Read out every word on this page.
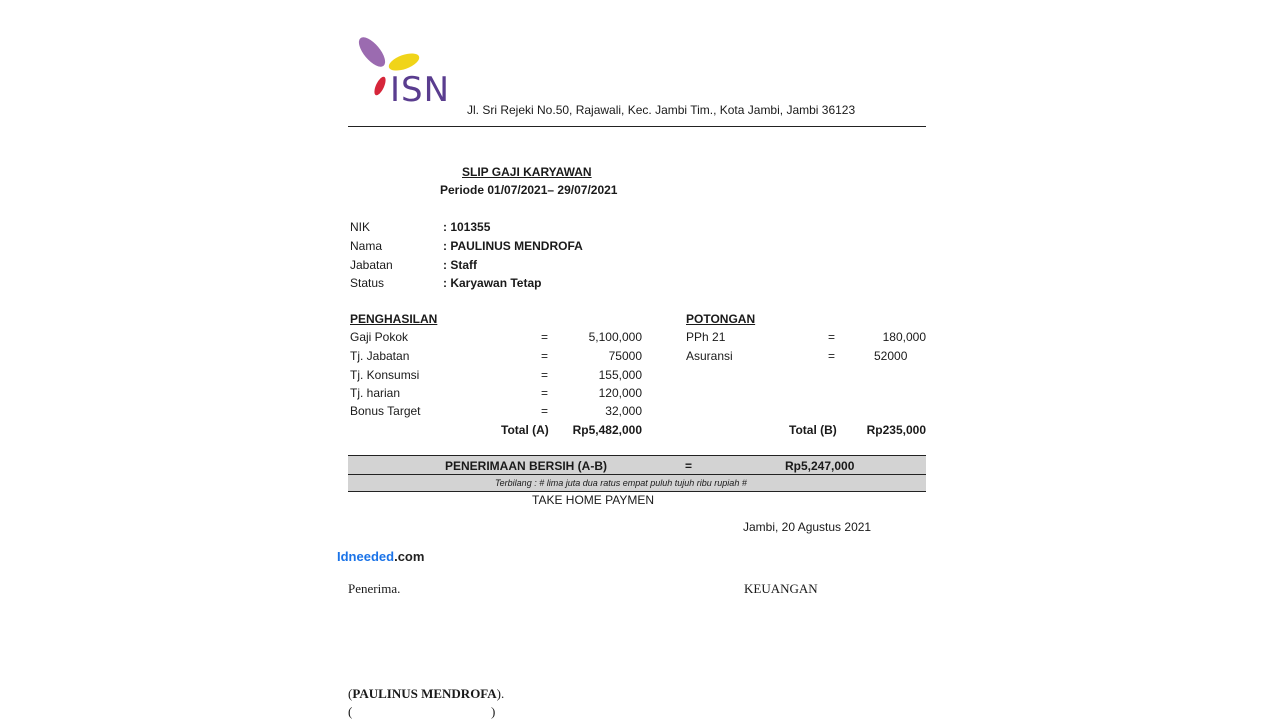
ISN Jl. Sri Rejeki No.50, Rajawali, Kec. Jambi Tim., Kota Jambi, Jambi 36123
SLIP GAJI KARYAWAN
Periode 01/07/2021– 29/07/2021
NIK	: 101355
Nama	: PAULINUS MENDROFA
Jabatan	: Staff
Status	: Karyawan Tetap
PENGHASILAN
Gaji Pokok	=	5,100,000
Tj. Jabatan	=	75000
Tj. Konsumsi	=	155,000
Tj. harian	=	120,000
Bonus Target	=	32,000
Total (A)	Rp5,482,000
POTONGAN
PPh 21	=	180,000
Asuransi	=	52000
Total (B)	Rp235,000
PENERIMAAN BERSIH (A-B)	=	Rp5,247,000
Terbilang : # lima juta dua ratus empat puluh tujuh ribu rupiah #
TAKE HOME PAYMEN
Jambi, 20 Agustus 2021
Idneeded.com
Penerima.	KEUANGAN
(PAULINUS MENDROFA).
(	)
